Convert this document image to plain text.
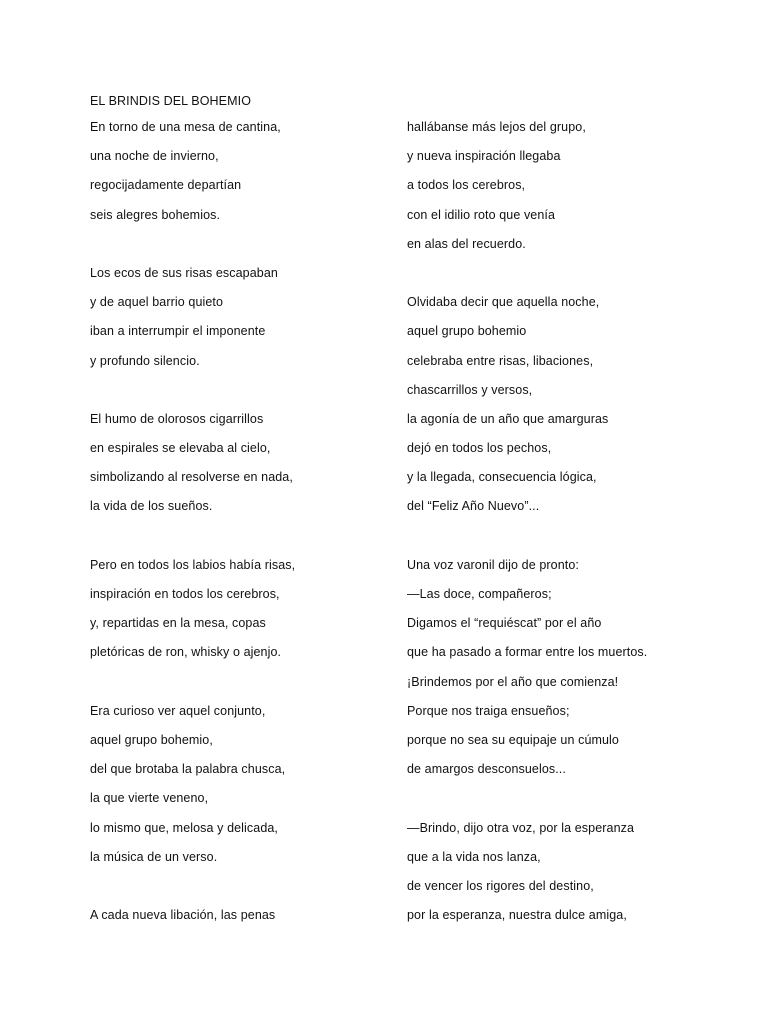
EL BRINDIS DEL BOHEMIO
En torno de una mesa de cantina,
una noche de invierno,
regocijadamente departían
seis alegres bohemios.
Los ecos de sus risas escapaban
y de aquel barrio quieto
iban a interrumpir el imponente
y profundo silencio.
El humo de olorosos cigarrillos
en espirales se elevaba al cielo,
simbolizando al resolverse en nada,
la vida de los sueños.
Pero en todos los labios había risas,
inspiración en todos los cerebros,
y, repartidas en la mesa, copas
pletóricas de ron, whisky o ajenjo.
Era curioso ver aquel conjunto,
aquel grupo bohemio,
del que brotaba la palabra chusca,
la que vierte veneno,
lo mismo que, melosa y delicada,
la música de un verso.
A cada nueva libación, las penas
hallábanse más lejos del grupo,
y nueva inspiración llegaba
a todos los cerebros,
con el idilio roto que venía
en alas del recuerdo.
Olvidaba decir que aquella noche,
aquel grupo bohemio
celebraba entre risas, libaciones,
chascarrillos y versos,
la agonía de un año que amarguras
dejó en todos los pechos,
y la llegada, consecuencia lógica,
del “Feliz Año Nuevo”...
Una voz varonil dijo de pronto:
—Las doce, compañeros;
Digamos el “requiéscat” por el año
que ha pasado a formar entre los muertos.
¡Brindemos por el año que comienza!
Porque nos traiga ensueños;
porque no sea su equipaje un cúmulo
de amargos desconsuelos...
—Brindo, dijo otra voz, por la esperanza
que a la vida nos lanza,
de vencer los rigores del destino,
por la esperanza, nuestra dulce amiga,
